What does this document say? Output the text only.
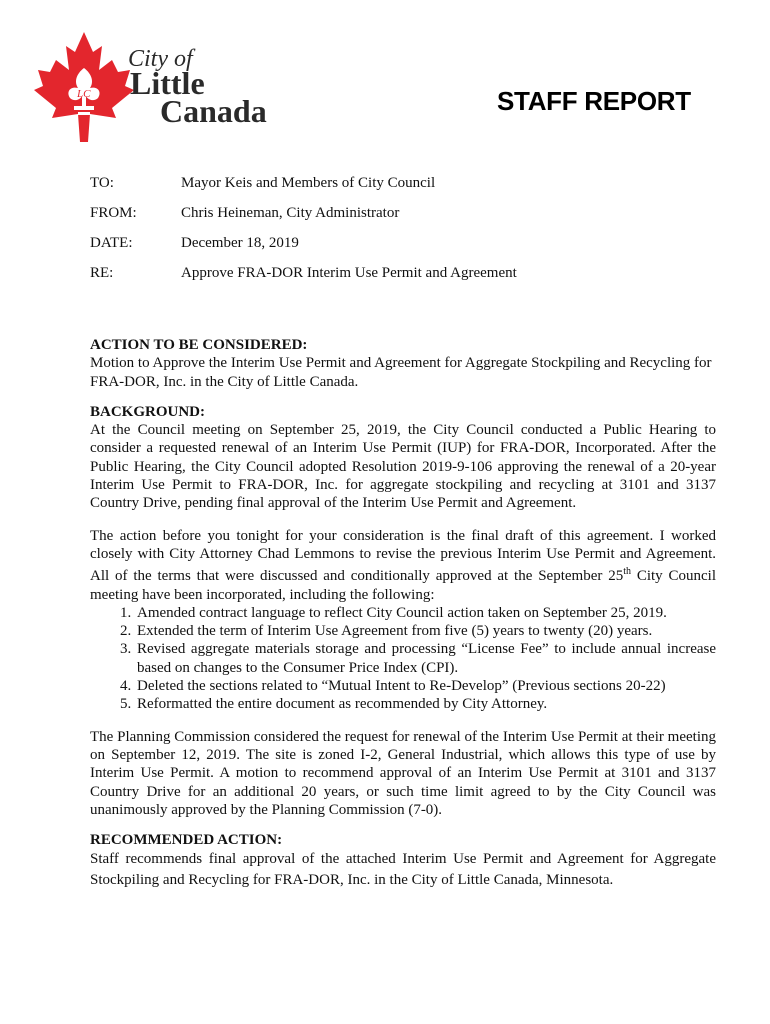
LC
City of
Little
Canada	STAFF REPORT
TO:	Mayor Keis and Members of City Council
FROM:	Chris Heineman, City Administrator
DATE:	December 18, 2019
RE:	Approve FRA-DOR Interim Use Permit and Agreement
ACTION TO BE CONSIDERED:

Motion to Approve the Interim Use Permit and Agreement for Aggregate Stockpiling and Recycling for FRA-DOR, Inc. in the City of Little Canada.

BACKGROUND:

At the Council meeting on September 25, 2019, the City Council conducted a Public Hearing to consider a requested renewal of an Interim Use Permit (IUP) for FRA-DOR, Incorporated. After the Public Hearing, the City Council adopted Resolution 2019-9-106 approving the renewal of a 20-year Interim Use Permit to FRA-DOR, Inc. for aggregate stockpiling and recycling at 3101 and 3137 Country Drive, pending final approval of the Interim Use Permit and Agreement.

The action before you tonight for your consideration is the final draft of this agreement. I worked closely with City Attorney Chad Lemmons to revise the previous Interim Use Permit and Agreement. All of the terms that were discussed and conditionally approved at the September 25th City Council meeting have been incorporated, including the following:

1. Amended contract language to reflect City Council action taken on September 25, 2019.
2. Extended the term of Interim Use Agreement from five (5) years to twenty (20) years.
3. Revised aggregate materials storage and processing “License Fee” to include annual increase based on changes to the Consumer Price Index (CPI).
4. Deleted the sections related to “Mutual Intent to Re-Develop” (Previous sections 20-22)
5. Reformatted the entire document as recommended by City Attorney.

The Planning Commission considered the request for renewal of the Interim Use Permit at their meeting on September 12, 2019. The site is zoned I-2, General Industrial, which allows this type of use by Interim Use Permit. A motion to recommend approval of an Interim Use Permit at 3101 and 3137 Country Drive for an additional 20 years, or such time limit agreed to by the City Council was unanimously approved by the Planning Commission (7-0).

RECOMMENDED ACTION:

Staff recommends final approval of the attached Interim Use Permit and Agreement for Aggregate Stockpiling and Recycling for FRA-DOR, Inc. in the City of Little Canada, Minnesota.
